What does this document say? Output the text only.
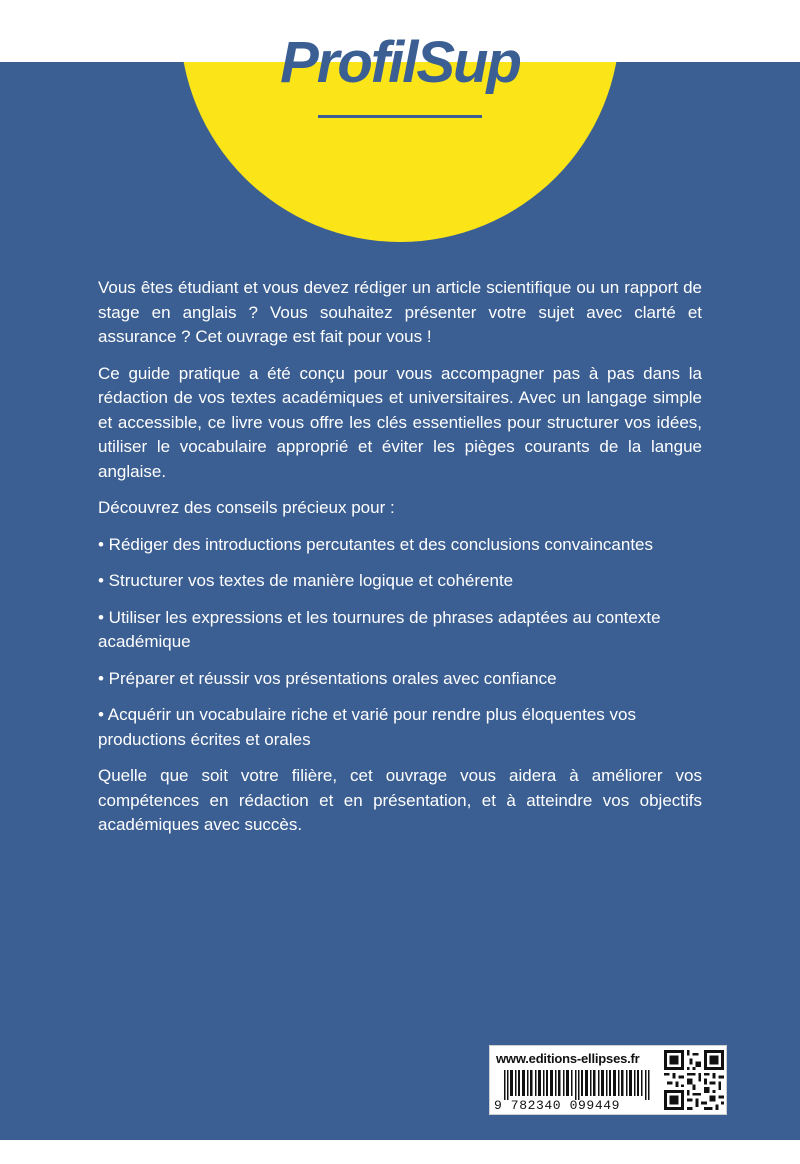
ProfilSup

Vous êtes étudiant et vous devez rédiger un article scientifique ou un rapport de stage en anglais ? Vous souhaitez présenter votre sujet avec clarté et assurance ? Cet ouvrage est fait pour vous !

Ce guide pratique a été conçu pour vous accompagner pas à pas dans la rédaction de vos textes académiques et universitaires. Avec un langage simple et accessible, ce livre vous offre les clés essentielles pour structurer vos idées, utiliser le vocabulaire approprié et éviter les pièges courants de la langue anglaise.

Découvrez des conseils précieux pour :

• Rédiger des introductions percutantes et des conclusions convaincantes

• Structurer vos textes de manière logique et cohérente

• Utiliser les expressions et les tournures de phrases adaptées au contexte académique

• Préparer et réussir vos présentations orales avec confiance

• Acquérir un vocabulaire riche et varié pour rendre plus éloquentes vos productions écrites et orales

Quelle que soit votre filière, cet ouvrage vous aidera à améliorer vos compétences en rédaction et en présentation, et à atteindre vos objectifs académiques avec succès.

www.editions-ellipses.fr
9 782340 099449
